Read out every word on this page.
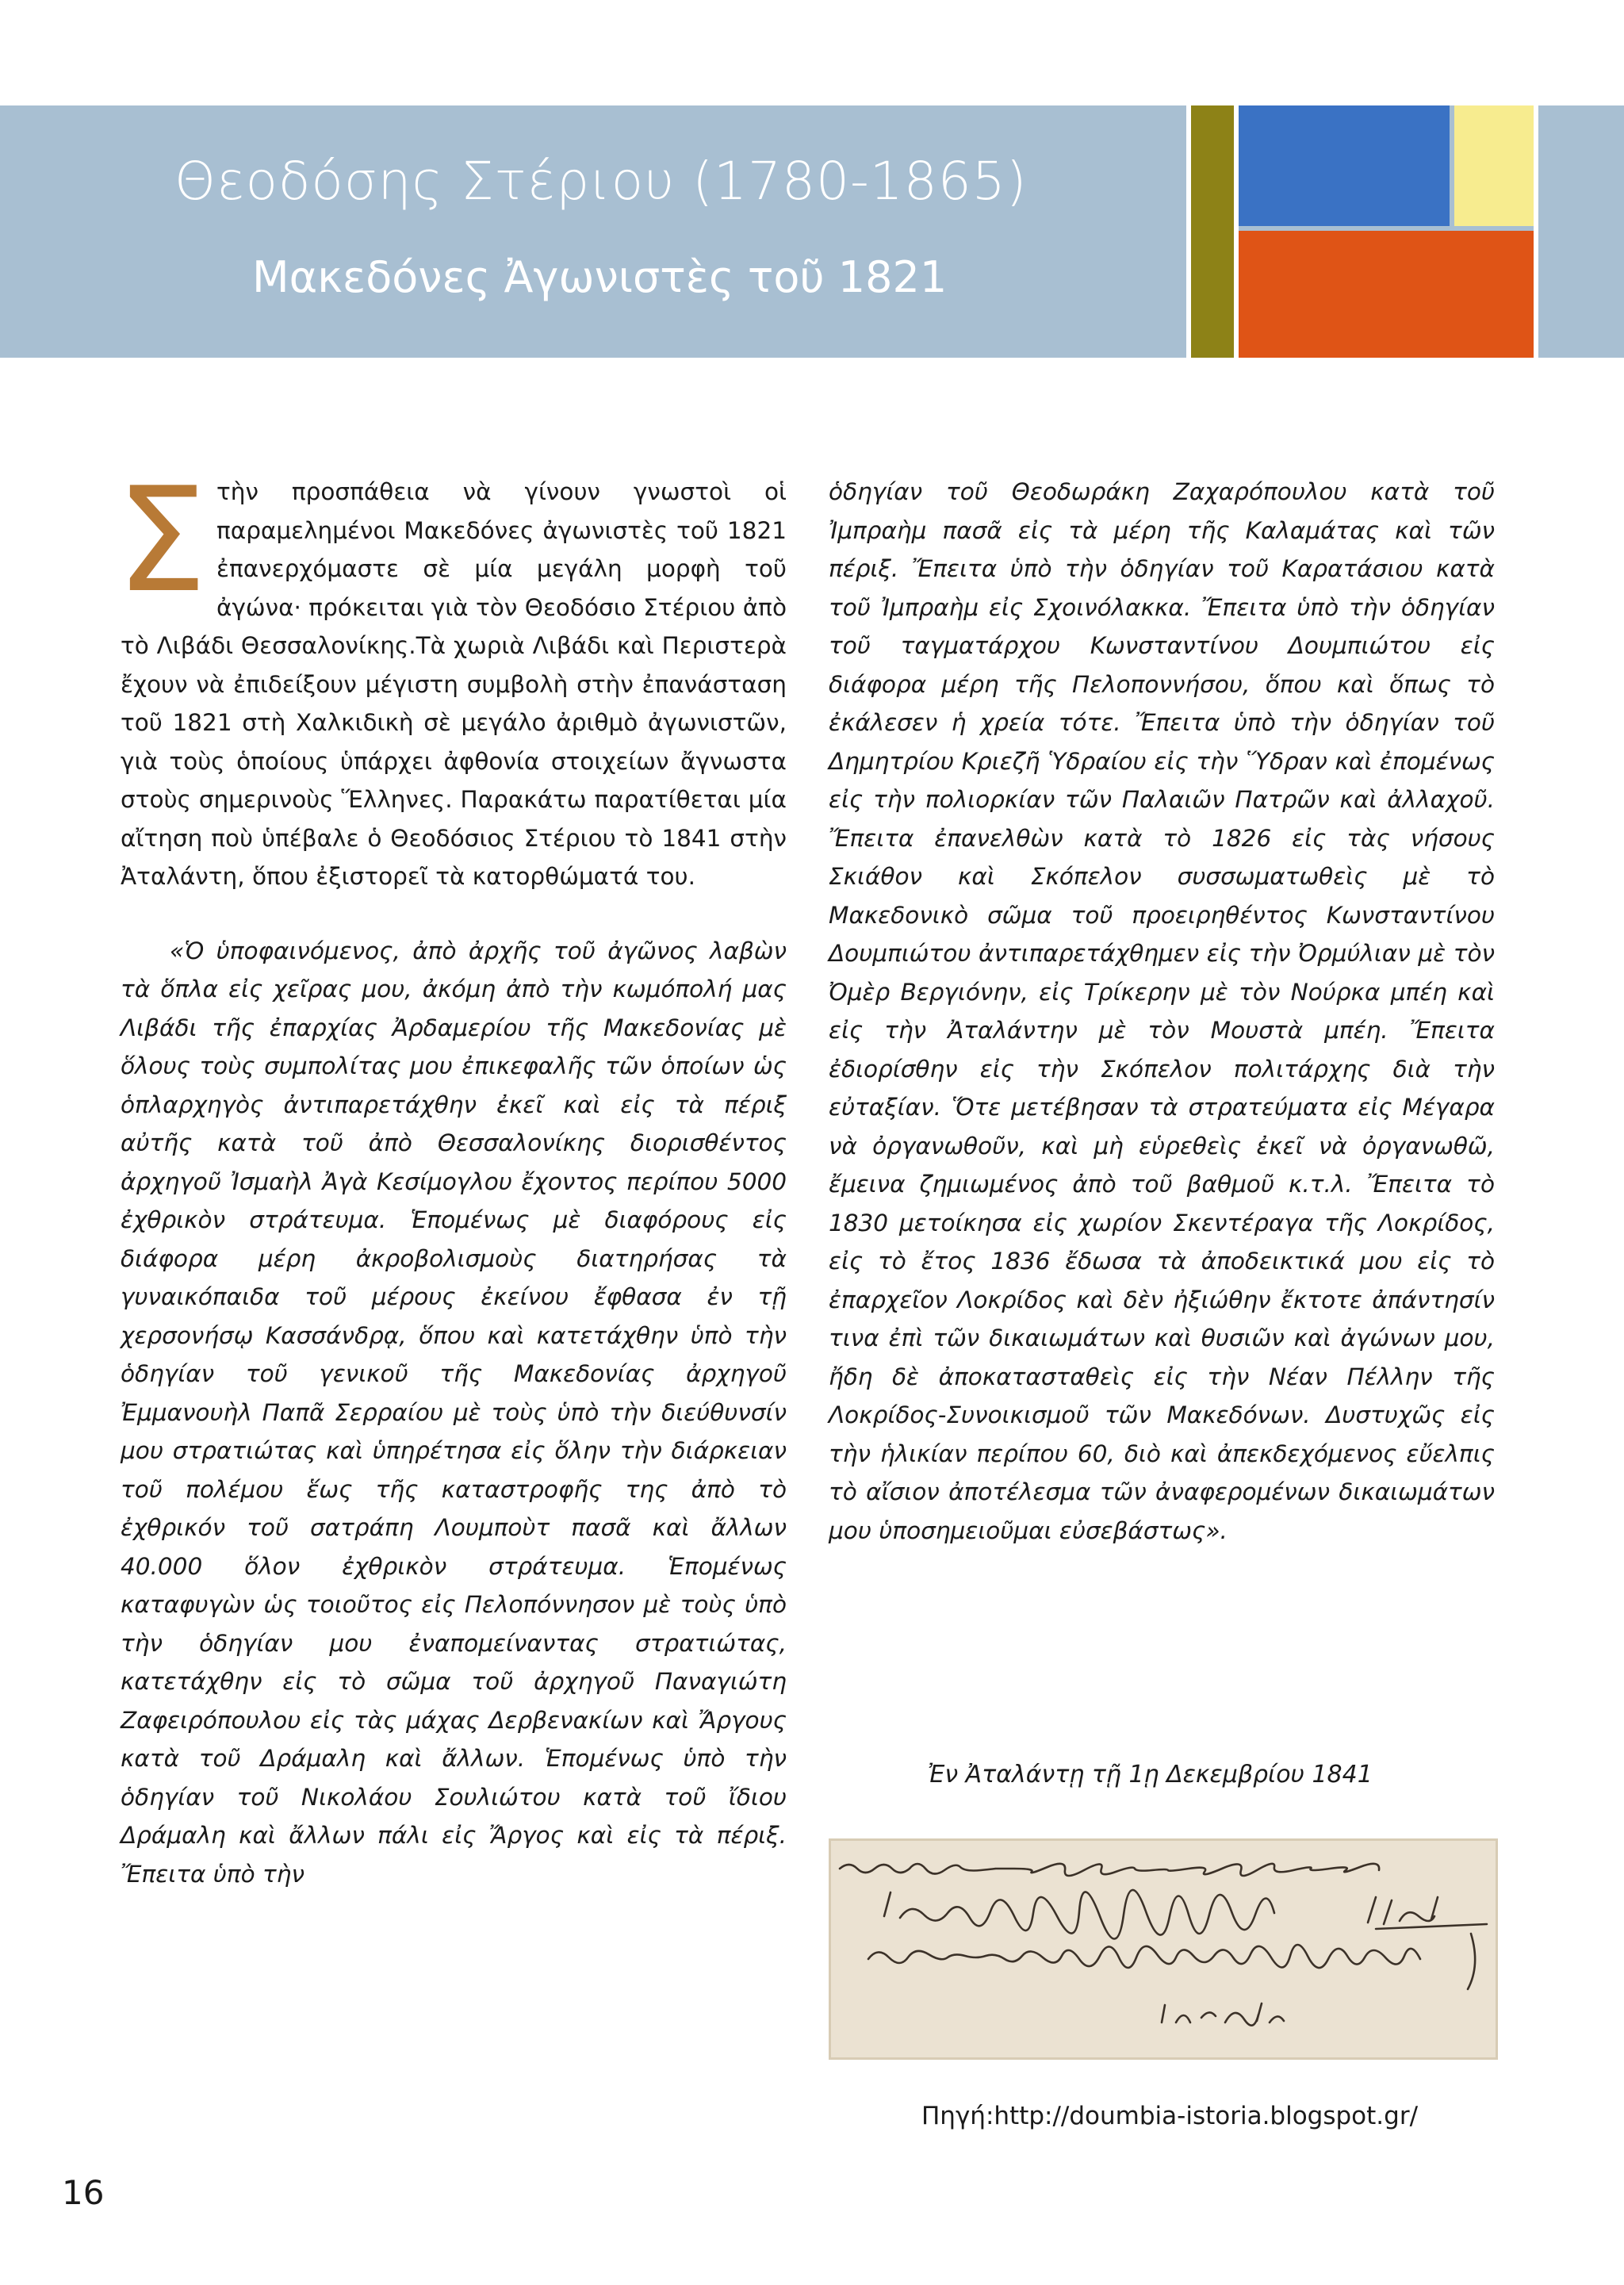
Θεοδόσης Στέριου (1780-1865)
Μακεδόνες Ἀγωνιστὲς τοῦ 1821

Στὴν προσπάθεια νὰ γίνουν γνωστοὶ οἱ παραμελημένοι Μακεδόνες ἀγωνιστὲς τοῦ 1821 ἐπανερχόμαστε σὲ μία μεγάλη μορφὴ τοῦ ἀγώνα· πρόκειται γιὰ τὸν Θεοδόσιο Στέριου ἀπὸ τὸ Λιβάδι Θεσσαλονίκης.Τὰ χωριὰ Λιβάδι καὶ Περιστερὰ ἔχουν νὰ ἐπιδείξουν μέγιστη συμβολὴ στὴν ἐπανάσταση τοῦ 1821 στὴ Χαλκιδικὴ σὲ μεγάλο ἀριθμὸ ἀγωνιστῶν, γιὰ τοὺς ὁποίους ὑπάρχει ἀφθονία στοιχείων ἄγνωστα στοὺς σημερινοὺς Ἕλληνες. Παρακάτω παρατίθεται μία αἴτηση ποὺ ὑπέβαλε ὁ Θεοδόσιος Στέριου τὸ 1841 στὴν Ἀταλάντη, ὅπου ἐξιστορεῖ τὰ κατορθώματά του.

«Ὁ ὑποφαινόμενος, ἀπὸ ἀρχῆς τοῦ ἀγῶνος λαβὼν τὰ ὅπλα εἰς χεῖρας μου, ἀκόμη ἀπὸ τὴν κωμόπολή μας Λιβάδι τῆς ἐπαρχίας Ἀρδαμερίου τῆς Μακεδονίας μὲ ὅλους τοὺς συμπολίτας μου ἐπικεφαλῆς τῶν ὁποίων ὡς ὁπλαρχηγὸς ἀντιπαρετάχθην ἐκεῖ καὶ εἰς τὰ πέριξ αὐτῆς κατὰ τοῦ ἀπὸ Θεσσαλονίκης διορισθέντος ἀρχηγοῦ Ἰσμαὴλ Ἀγὰ Κεσίμογλου ἔχοντος περίπου 5000 ἐχθρικὸν στράτευμα. Ἑπομένως μὲ διαφόρους εἰς διάφορα μέρη ἀκροβολισμοὺς διατηρήσας τὰ γυναικόπαιδα τοῦ μέρους ἐκείνου ἔφθασα ἐν τῇ χερσονήσῳ Κασσάνδρᾳ, ὅπου καὶ κατετάχθην ὑπὸ τὴν ὁδηγίαν τοῦ γενικοῦ τῆς Μακεδονίας ἀρχηγοῦ Ἐμμανουὴλ Παπᾶ Σερραίου μὲ τοὺς ὑπὸ τὴν διεύθυνσίν μου στρατιώτας καὶ ὑπηρέτησα εἰς ὅλην τὴν διάρκειαν τοῦ πολέμου ἕως τῆς καταστροφῆς της ἀπὸ τὸ ἐχθρικόν τοῦ σατράπη Λουμποὺτ πασᾶ καὶ ἄλλων 40.000 ὅλον ἐχθρικὸν στράτευμα. Ἑπομένως καταφυγὼν ὡς τοιοῦτος εἰς Πελοπόννησον μὲ τοὺς ὑπὸ τὴν ὁδηγίαν μου ἐναπομείναντας στρατιώτας, κατετάχθην εἰς τὸ σῶμα τοῦ ἀρχηγοῦ Παναγιώτη Ζαφειρόπουλου εἰς τὰς μάχας Δερβενακίων καὶ Ἄργους κατὰ τοῦ Δράμαλη καὶ ἄλλων. Ἑπομένως ὑπὸ τὴν ὁδηγίαν τοῦ Νικολάου Σουλιώτου κατὰ τοῦ ἴδιου Δράμαλη καὶ ἄλλων πάλι εἰς Ἄργος καὶ εἰς τὰ πέριξ. Ἔπειτα ὑπὸ τὴν

ὁδηγίαν τοῦ Θεοδωράκη Ζαχαρόπουλου κατὰ τοῦ Ἰμπραὴμ πασᾶ εἰς τὰ μέρη τῆς Καλαμάτας καὶ τῶν πέριξ. Ἔπειτα ὑπὸ τὴν ὁδηγίαν τοῦ Καρατάσιου κατὰ τοῦ Ἰμπραὴμ εἰς Σχοινόλακκα. Ἔπειτα ὑπὸ τὴν ὁδηγίαν τοῦ ταγματάρχου Κωνσταντίνου Δουμπιώτου εἰς διάφορα μέρη τῆς Πελοποννήσου, ὅπου καὶ ὅπως τὸ ἐκάλεσεν ἡ χρεία τότε. Ἔπειτα ὑπὸ τὴν ὁδηγίαν τοῦ Δημητρίου Κριεζῆ Ὑδραίου εἰς τὴν Ὕδραν καὶ ἐπομένως εἰς τὴν πολιορκίαν τῶν Παλαιῶν Πατρῶν καὶ ἀλλαχοῦ. Ἔπειτα ἐπανελθὼν κατὰ τὸ 1826 εἰς τὰς νήσους Σκιάθον καὶ Σκόπελον συσσωματωθεὶς μὲ τὸ Μακεδονικὸ σῶμα τοῦ προειρηθέντος Κωνσταντίνου Δουμπιώτου ἀντιπαρετάχθημεν εἰς τὴν Ὀρμύλιαν μὲ τὸν Ὀμὲρ Βεργιόνην, εἰς Τρίκερην μὲ τὸν Νούρκα μπέη καὶ εἰς τὴν Ἀταλάντην μὲ τὸν Μουστὰ μπέη. Ἔπειτα ἐδιορίσθην εἰς τὴν Σκόπελον πολιτάρχης διὰ τὴν εὐταξίαν. Ὅτε μετέβησαν τὰ στρατεύματα εἰς Μέγαρα νὰ ὀργανωθοῦν, καὶ μὴ εὑρεθεὶς ἐκεῖ νὰ ὀργανωθῶ, ἔμεινα ζημιωμένος ἀπὸ τοῦ βαθμοῦ κ.τ.λ. Ἔπειτα τὸ 1830 μετοίκησα εἰς χωρίον Σκεντέραγα τῆς Λοκρίδος, εἰς τὸ ἔτος 1836 ἔδωσα τὰ ἀποδεικτικά μου εἰς τὸ ἐπαρχεῖον Λοκρίδος καὶ δὲν ἠξιώθην ἔκτοτε ἀπάντησίν τινα ἐπὶ τῶν δικαιωμάτων καὶ θυσιῶν καὶ ἀγώνων μου, ἤδη δὲ ἀποκατασταθεὶς εἰς τὴν Νέαν Πέλλην τῆς Λοκρίδος-Συνοικισμοῦ τῶν Μακεδόνων. Δυστυχῶς εἰς τὴν ἡλικίαν περίπου 60, διὸ καὶ ἀπεκδεχόμενος εὔελπις τὸ αἴσιον ἀποτέλεσμα τῶν ἀναφερομένων δικαιωμάτων μου ὑποσημειοῦμαι εὐσεβάστως».

Ἐν Ἀταλάντῃ τῇ 1ῃ Δεκεμβρίου 1841
Πηγή:http://doumbia-istoria.blogspot.gr/
16
